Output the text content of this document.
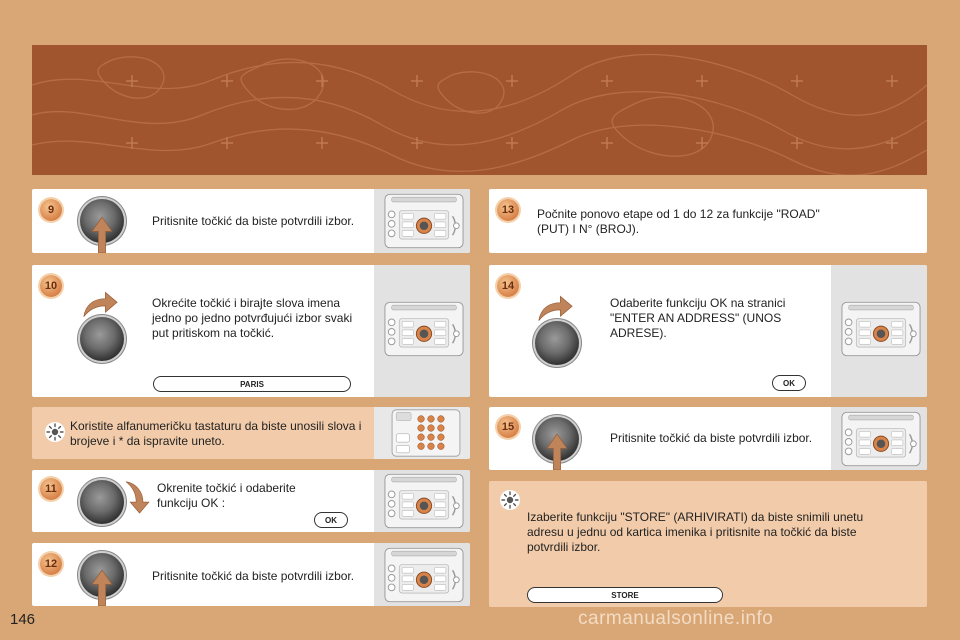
9
Pritisnite točkić da biste potvrdili izbor.
10
Okrećite točkić i birajte slova imena jedno po jedno potvrđujući izbor svaki put pritiskom na točkić.
PARIS
Koristite alfanumeričku tastaturu da biste unosili slova i brojeve i * da ispravite uneto.
11	Okrenite točkić i odaberite funkciju OK :
OK
12
Pritisnite točkić da biste potvrdili izbor.
13	Počnite ponovo etape od 1 do 12 za funkcije "ROAD" (PUT) I N° (BROJ).
14
Odaberite funkciju OK na stranici "ENTER AN ADDRESS" (UNOS ADRESE).
OK
15
Pritisnite točkić da biste potvrdili izbor.
Izaberite funkciju "STORE" (ARHIVIRATI) da biste snimili unetu adresu u jednu od kartica imenika i pritisnite na točkić da biste potvrdili izbor.
STORE
146	carmanualsonline.info
